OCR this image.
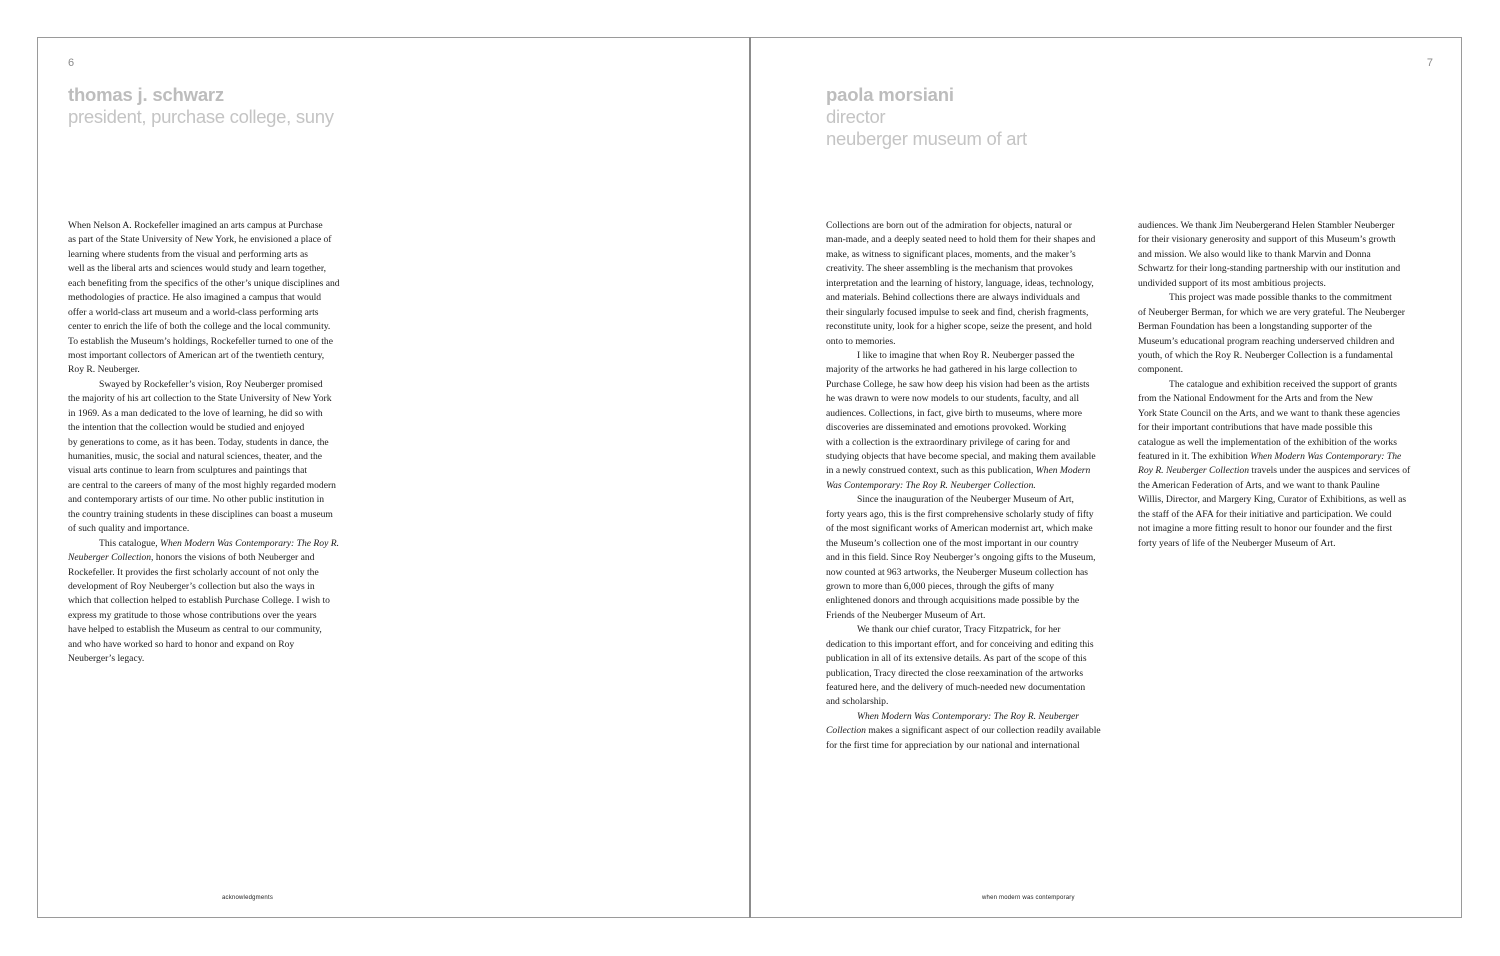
6
thomas j. schwarz
president, purchase college, suny
When Nelson A. Rockefeller imagined an arts campus at Purchase
as part of the State University of New York, he envisioned a place of
learning where students from the visual and performing arts as
well as the liberal arts and sciences would study and learn together,
each benefiting from the specifics of the other’s unique disciplines and
methodologies of practice. He also imagined a campus that would
offer a world-class art museum and a world-class performing arts
center to enrich the life of both the college and the local community.
To establish the Museum’s holdings, Rockefeller turned to one of the
most important collectors of American art of the twentieth century,
Roy R. Neuberger.
Swayed by Rockefeller’s vision, Roy Neuberger promised
the majority of his art collection to the State University of New York
in 1969. As a man dedicated to the love of learning, he did so with
the intention that the collection would be studied and enjoyed
by generations to come, as it has been. Today, students in dance, the
humanities, music, the social and natural sciences, theater, and the
visual arts continue to learn from sculptures and paintings that
are central to the careers of many of the most highly regarded modern
and contemporary artists of our time. No other public institution in
the country training students in these disciplines can boast a museum
of such quality and importance.
This catalogue, When Modern Was Contemporary: The Roy R.
Neuberger Collection, honors the visions of both Neuberger and
Rockefeller. It provides the first scholarly account of not only the
development of Roy Neuberger’s collection but also the ways in
which that collection helped to establish Purchase College. I wish to
express my gratitude to those whose contributions over the years
have helped to establish the Museum as central to our community,
and who have worked so hard to honor and expand on Roy
Neuberger’s legacy.
acknowledgments
7
paola morsiani
director
neuberger museum of art
Collections are born out of the admiration for objects, natural or
man-made, and a deeply seated need to hold them for their shapes and
make, as witness to significant places, moments, and the maker’s
creativity. The sheer assembling is the mechanism that provokes
interpretation and the learning of history, language, ideas, technology,
and materials. Behind collections there are always individuals and
their singularly focused impulse to seek and find, cherish fragments,
reconstitute unity, look for a higher scope, seize the present, and hold
onto to memories.
I like to imagine that when Roy R. Neuberger passed the
majority of the artworks he had gathered in his large collection to
Purchase College, he saw how deep his vision had been as the artists
he was drawn to were now models to our students, faculty, and all
audiences. Collections, in fact, give birth to museums, where more
discoveries are disseminated and emotions provoked. Working
with a collection is the extraordinary privilege of caring for and
studying objects that have become special, and making them available
in a newly construed context, such as this publication, When Modern
Was Contemporary: The Roy R. Neuberger Collection.
Since the inauguration of the Neuberger Museum of Art,
forty years ago, this is the first comprehensive scholarly study of fifty
of the most significant works of American modernist art, which make
the Museum’s collection one of the most important in our country
and in this field. Since Roy Neuberger’s ongoing gifts to the Museum,
now counted at 963 artworks, the Neuberger Museum collection has
grown to more than 6,000 pieces, through the gifts of many
enlightened donors and through acquisitions made possible by the
Friends of the Neuberger Museum of Art.
We thank our chief curator, Tracy Fitzpatrick, for her
dedication to this important effort, and for conceiving and editing this
publication in all of its extensive details. As part of the scope of this
publication, Tracy directed the close reexamination of the artworks
featured here, and the delivery of much-needed new documentation
and scholarship.
When Modern Was Contemporary: The Roy R. Neuberger
Collection makes a significant aspect of our collection readily available
for the first time for appreciation by our national and international
audiences. We thank Jim Neubergerand Helen Stambler Neuberger
for their visionary generosity and support of this Museum’s growth
and mission. We also would like to thank Marvin and Donna
Schwartz for their long-standing partnership with our institution and
undivided support of its most ambitious projects.
This project was made possible thanks to the commitment
of Neuberger Berman, for which we are very grateful. The Neuberger
Berman Foundation has been a longstanding supporter of the
Museum’s educational program reaching underserved children and
youth, of which the Roy R. Neuberger Collection is a fundamental
component.
The catalogue and exhibition received the support of grants
from the National Endowment for the Arts and from the New
York State Council on the Arts, and we want to thank these agencies
for their important contributions that have made possible this
catalogue as well the implementation of the exhibition of the works
featured in it. The exhibition When Modern Was Contemporary: The
Roy R. Neuberger Collection travels under the auspices and services of
the American Federation of Arts, and we want to thank Pauline
Willis, Director, and Margery King, Curator of Exhibitions, as well as
the staff of the AFA for their initiative and participation. We could
not imagine a more fitting result to honor our founder and the first
forty years of life of the Neuberger Museum of Art.
when modern was contemporary
